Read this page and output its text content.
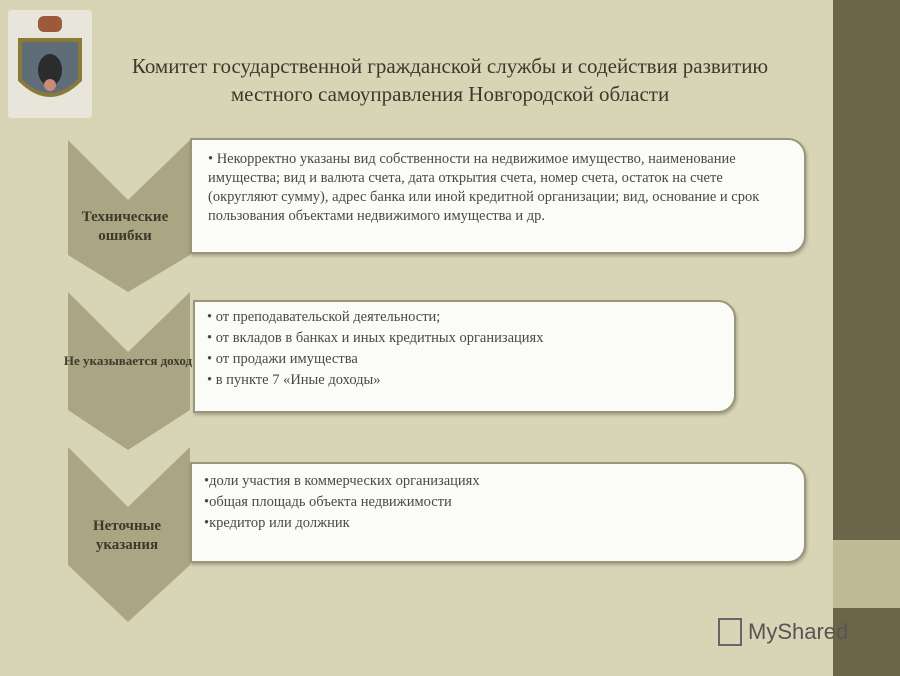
Комитет государственной гражданской службы и содействия развитию местного самоуправления Новгородской области
Технические ошибки
Не указывается доход
Неточные указания

• Некорректно указаны вид собственности на недвижимое имущество, наименование имущества; вид и валюта счета, дата открытия счета, номер счета, остаток на счете (округляют сумму), адрес банка или иной кредитной организации; вид, основание и срок пользования объектами недвижимого имущества и др.

• от преподавательской деятельности;

• от вкладов в банках и иных кредитных организациях

• от продажи имущества

• в пункте 7 «Иные доходы»

•доли участия в коммерческих организациях

•общая площадь объекта недвижимости

•кредитор или должник

MyShared
